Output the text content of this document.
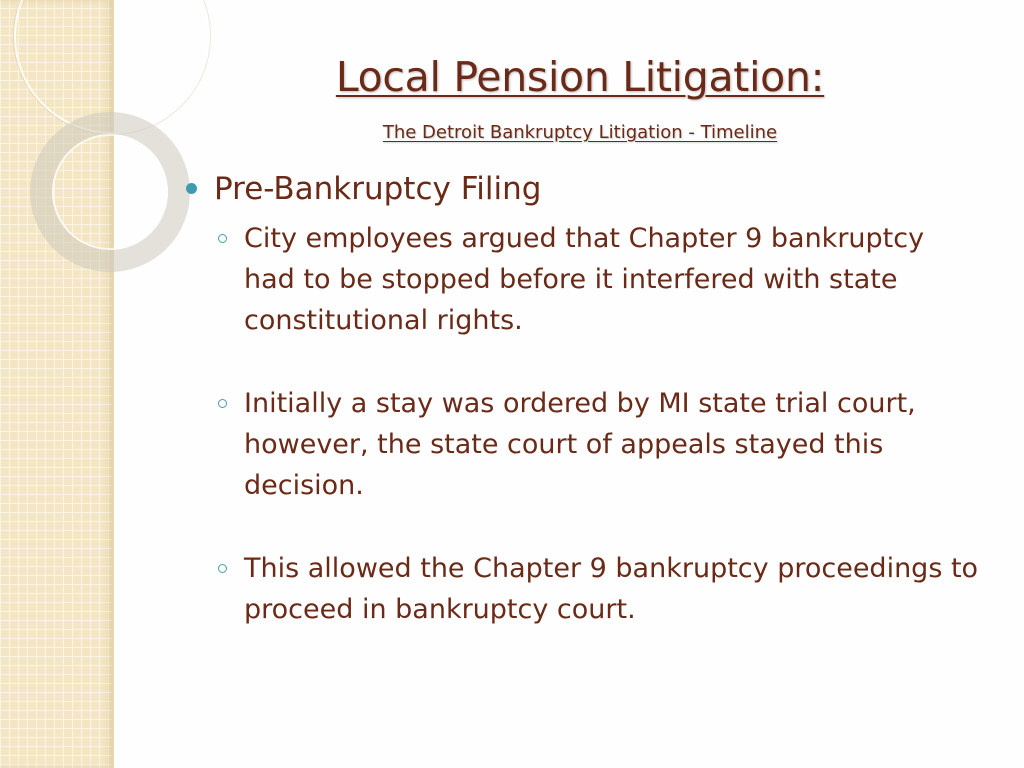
Local Pension Litigation:
The Detroit Bankruptcy Litigation - Timeline
Pre-Bankruptcy Filing
City employees argued that Chapter 9 bankruptcy had to be stopped before it interfered with state constitutional rights.
Initially a stay was ordered by MI state trial court, however, the state court of appeals stayed this decision.
This allowed the Chapter 9 bankruptcy proceedings to proceed in bankruptcy court.
